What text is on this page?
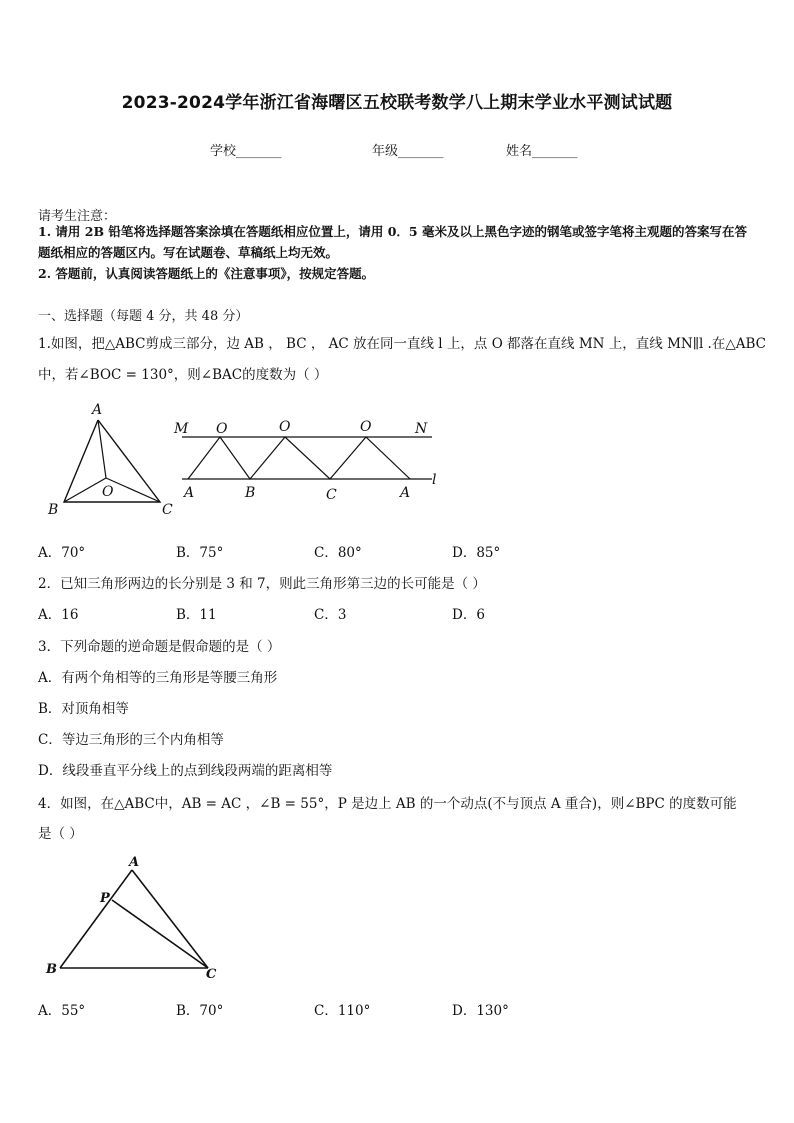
2023-2024学年浙江省海曙区五校联考数学八上期末学业水平测试试题
学校_______	年级_______	姓名_______
请考生注意：
1. 请用 2B 铅笔将选择题答案涂填在答题纸相应位置上，请用 0．5 毫米及以上黑色字迹的钢笔或签字笔将主观题的答案写在答题纸相应的答题区内。写在试题卷、草稿纸上均无效。
2. 答题前，认真阅读答题纸上的《注意事项》，按规定答题。
一、选择题（每题 4 分，共 48 分）
1.如图，把△ABC剪成三部分，边 AB ， BC ， AC 放在同一直线 l 上，点 O 都落在直线 MN 上，直线 MN∥l .在△ABC
中，若∠BOC = 130°，则∠BAC的度数为（ ）
A
B	C
O
M O	O	O	N
A	B	C	A
l
A．70°	B．75°	C．80°	D．85°
2．已知三角形两边的长分别是 3 和 7，则此三角形第三边的长可能是（ ）
A．16	B．11	C．3	D．6
3．下列命题的逆命题是假命题的是（ ）
A．有两个角相等的三角形是等腰三角形
B．对顶角相等
C．等边三角形的三个内角相等
D．线段垂直平分线上的点到线段两端的距离相等
4．如图，在△ABC中，AB = AC ，∠B = 55°，P 是边上 AB 的一个动点(不与顶点 A 重合)，则∠BPC 的度数可能
是（ ）
A
P
B	C
A．55°	B．70°	C．110°	D．130°
